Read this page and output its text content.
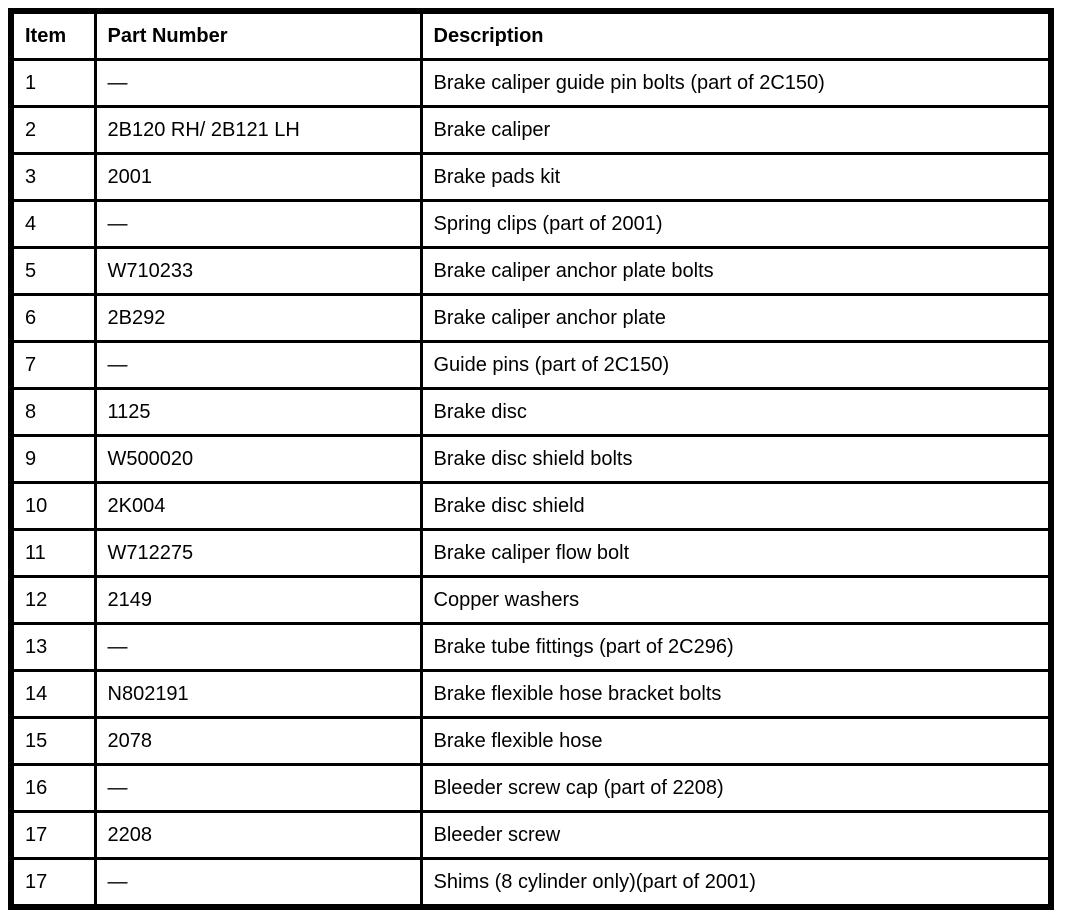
Item	Part Number	Description
1	—	Brake caliper guide pin bolts (part of 2C150)
2	2B120 RH/ 2B121 LH	Brake caliper
3	2001	Brake pads kit
4	—	Spring clips (part of 2001)
5	W710233	Brake caliper anchor plate bolts
6	2B292	Brake caliper anchor plate
7	—	Guide pins (part of 2C150)
8	1125	Brake disc
9	W500020	Brake disc shield bolts
10	2K004	Brake disc shield
11	W712275	Brake caliper flow bolt
12	2149	Copper washers
13	—	Brake tube fittings (part of 2C296)
14	N802191	Brake flexible hose bracket bolts
15	2078	Brake flexible hose
16	—	Bleeder screw cap (part of 2208)
17	2208	Bleeder screw
17	—	Shims (8 cylinder only)(part of 2001)
